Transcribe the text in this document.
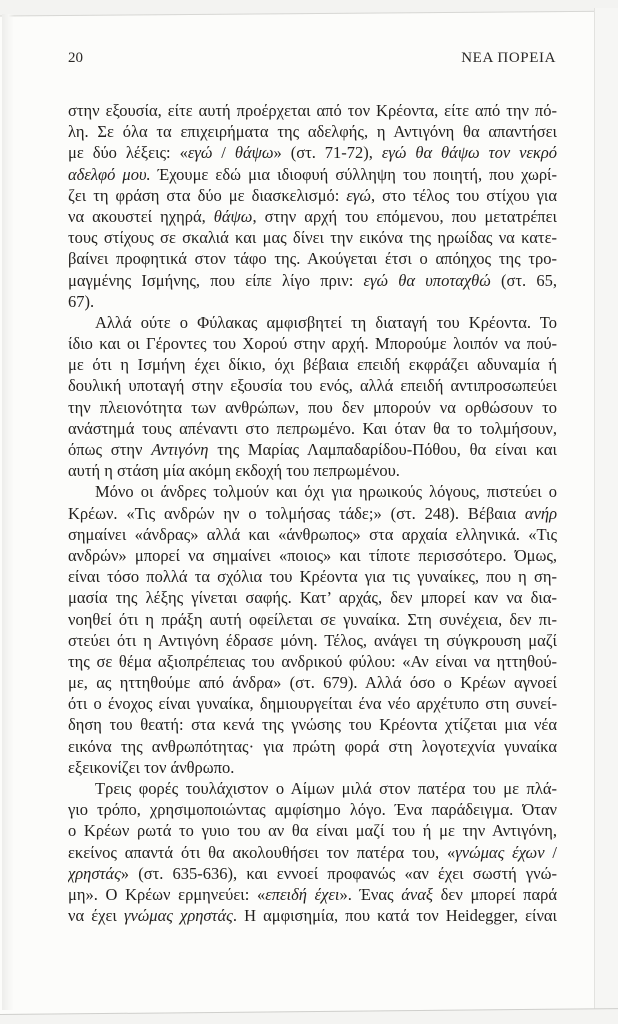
20	ΝΕΑ ΠΟΡΕΙΑ
στην εξουσία, είτε αυτή προέρχεται από τον Κρέοντα, είτε από την πό-
λη. Σε όλα τα επιχειρήματα της αδελφής, η Αντιγόνη θα απαντήσει
με δύο λέξεις: «εγώ / θάψω» (στ. 71-72), εγώ θα θάψω τον νεκρό
αδελφό μου. Έχουμε εδώ μια ιδιοφυή σύλληψη του ποιητή, που χωρί-
ζει τη φράση στα δύο με διασκελισμό: εγώ, στο τέλος του στίχου για
να ακουστεί ηχηρά, θάψω, στην αρχή του επόμενου, που μετατρέπει
τους στίχους σε σκαλιά και μας δίνει την εικόνα της ηρωίδας να κατε-
βαίνει προφητικά στον τάφο της. Ακούγεται έτσι ο απόηχος της τρο-
μαγμένης Ισμήνης, που είπε λίγο πριν: εγώ θα υποταχθώ (στ. 65,
67).
Αλλά ούτε ο Φύλακας αμφισβητεί τη διαταγή του Κρέοντα. Το
ίδιο και οι Γέροντες του Χορού στην αρχή. Μπορούμε λοιπόν να πού-
με ότι η Ισμήνη έχει δίκιο, όχι βέβαια επειδή εκφράζει αδυναμία ή
δουλική υποταγή στην εξουσία του ενός, αλλά επειδή αντιπροσωπεύει
την πλειονότητα των ανθρώπων, που δεν μπορούν να ορθώσουν το
ανάστημά τους απέναντι στο πεπρωμένο. Και όταν θα το τολμήσουν,
όπως στην Αντιγόνη της Μαρίας Λαμπαδαρίδου-Πόθου, θα είναι και
αυτή η στάση μία ακόμη εκδοχή του πεπρωμένου.
Μόνο οι άνδρες τολμούν και όχι για ηρωικούς λόγους, πιστεύει ο
Κρέων. «Τις ανδρών ην ο τολμήσας τάδε;» (στ. 248). Βέβαια ανήρ
σημαίνει «άνδρας» αλλά και «άνθρωπος» στα αρχαία ελληνικά. «Τις
ανδρών» μπορεί να σημαίνει «ποιος» και τίποτε περισσότερο. Όμως,
είναι τόσο πολλά τα σχόλια του Κρέοντα για τις γυναίκες, που η ση-
μασία της λέξης γίνεται σαφής. Κατ’ αρχάς, δεν μπορεί καν να δια-
νοηθεί ότι η πράξη αυτή οφείλεται σε γυναίκα. Στη συνέχεια, δεν πι-
στεύει ότι η Αντιγόνη έδρασε μόνη. Τέλος, ανάγει τη σύγκρουση μαζί
της σε θέμα αξιοπρέπειας του ανδρικού φύλου: «Αν είναι να ηττηθού-
με, ας ηττηθούμε από άνδρα» (στ. 679). Αλλά όσο ο Κρέων αγνοεί
ότι ο ένοχος είναι γυναίκα, δημιουργείται ένα νέο αρχέτυπο στη συνεί-
δηση του θεατή: στα κενά της γνώσης του Κρέοντα χτίζεται μια νέα
εικόνα της ανθρωπότητας· για πρώτη φορά στη λογοτεχνία γυναίκα
εξεικονίζει τον άνθρωπο.
Τρεις φορές τουλάχιστον ο Αίμων μιλά στον πατέρα του με πλά-
γιο τρόπο, χρησιμοποιώντας αμφίσημο λόγο. Ένα παράδειγμα. Όταν
ο Κρέων ρωτά το γυιο του αν θα είναι μαζί του ή με την Αντιγόνη,
εκείνος απαντά ότι θα ακολουθήσει τον πατέρα του, «γνώμας έχων /
χρηστάς» (στ. 635-636), και εννοεί προφανώς «αν έχει σωστή γνώ-
μη». Ο Κρέων ερμηνεύει: «επειδή έχει». Ένας άναξ δεν μπορεί παρά
να έχει γνώμας χρηστάς. Η αμφισημία, που κατά τον Heidegger, είναι
